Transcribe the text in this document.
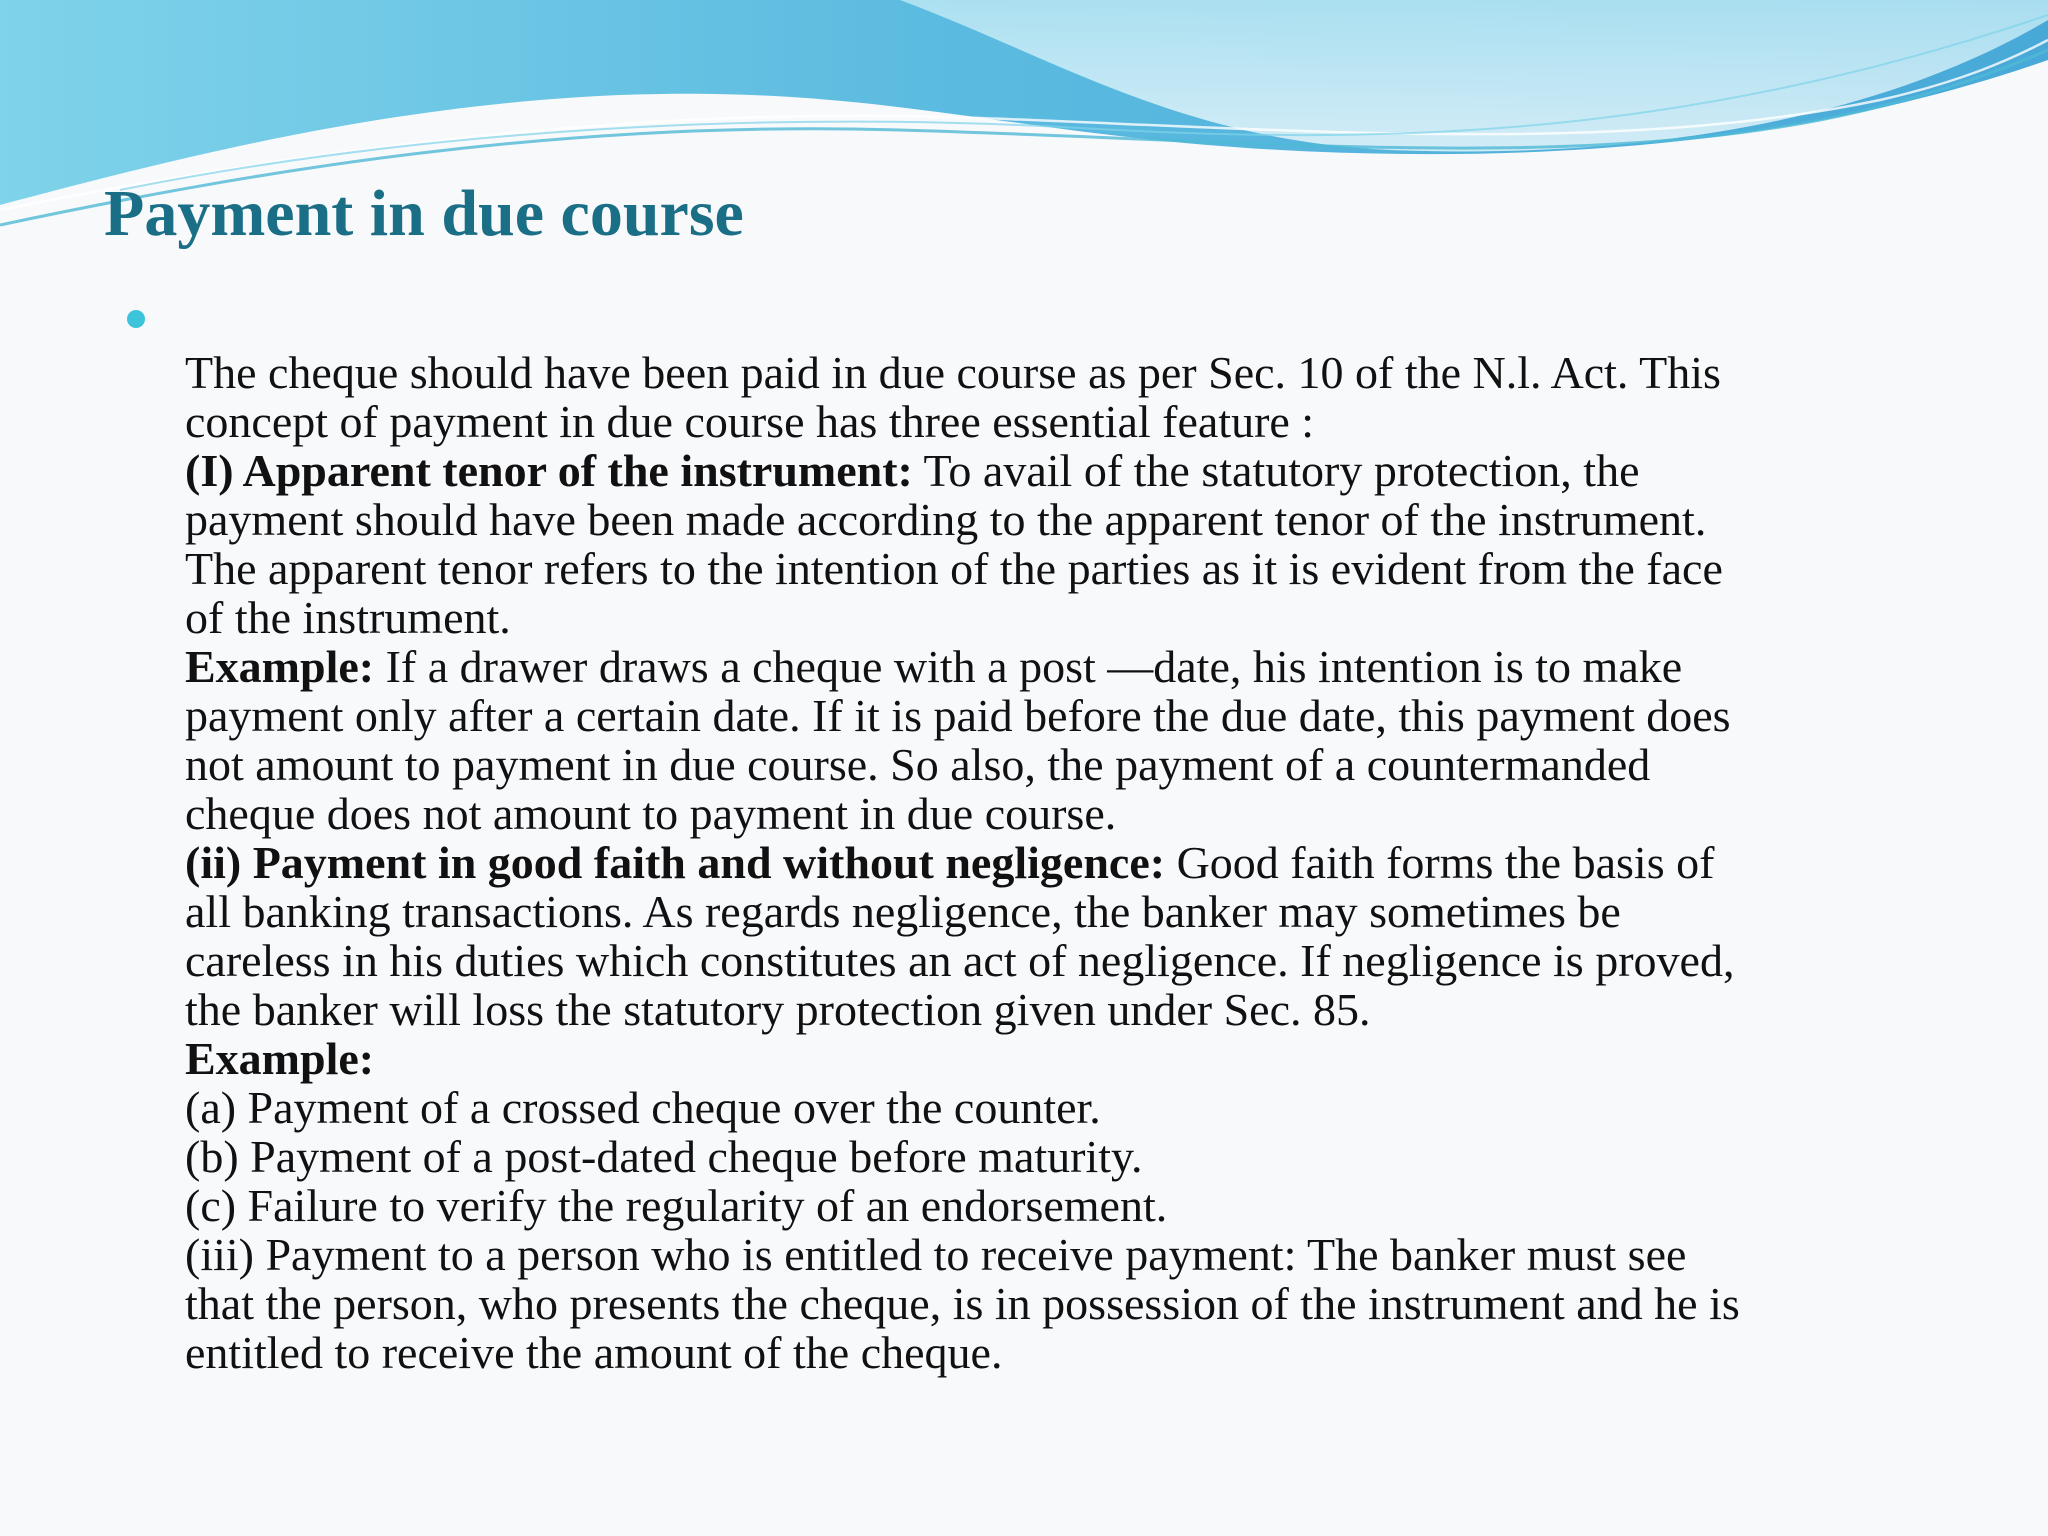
Payment in due course
The cheque should have been paid in due course as per Sec. 10 of the N.l. Act. This
concept of payment in due course has three essential feature :
(I) Apparent tenor of the instrument: To avail of the statutory protection, the
payment should have been made according to the apparent tenor of the instrument.
The apparent tenor refers to the intention of the parties as it is evident from the face
of the instrument.
Example: If a drawer draws a cheque with a post —date, his intention is to make
payment only after a certain date. If it is paid before the due date, this payment does
not amount to payment in due course. So also, the payment of a countermanded
cheque does not amount to payment in due course.
(ii) Payment in good faith and without negligence: Good faith forms the basis of
all banking transactions. As regards negligence, the banker may sometimes be
careless in his duties which constitutes an act of negligence. If negligence is proved,
the banker will loss the statutory protection given under Sec. 85.
Example:
(a) Payment of a crossed cheque over the counter.
(b) Payment of a post-dated cheque before maturity.
(c) Failure to verify the regularity of an endorsement.
(iii) Payment to a person who is entitled to receive payment: The banker must see
that the person, who presents the cheque, is in possession of the instrument and he is
entitled to receive the amount of the cheque.
